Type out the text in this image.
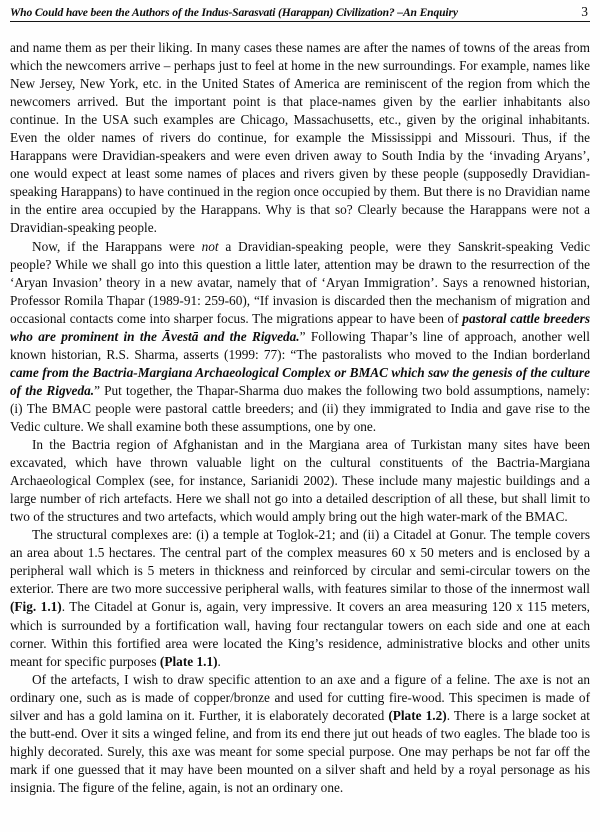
Who Could have been the Authors of the Indus-Sarasvati (Harappan) Civilization? –An Enquiry	3

and name them as per their liking. In many cases these names are after the names of towns of the areas from which the newcomers arrive – perhaps just to feel at home in the new surroundings. For example, names like New Jersey, New York, etc. in the United States of America are reminiscent of the region from which the newcomers arrived. But the important point is that place-names given by the earlier inhabitants also continue. In the USA such examples are Chicago, Massachusetts, etc., given by the original inhabitants. Even the older names of rivers do continue, for example the Mississippi and Missouri. Thus, if the Harappans were Dravidian-speakers and were even driven away to South India by the ‘invading Aryans’, one would expect at least some names of places and rivers given by these people (supposedly Dravidian-speaking Harappans) to have continued in the region once occupied by them. But there is no Dravidian name in the entire area occupied by the Harappans. Why is that so? Clearly because the Harappans were not a Dravidian-speaking people.

Now, if the Harappans were not a Dravidian-speaking people, were they Sanskrit-speaking Vedic people? While we shall go into this question a little later, attention may be drawn to the resurrection of the ‘Aryan Invasion’ theory in a new avatar, namely that of ‘Aryan Immigration’. Says a renowned historian, Professor Romila Thapar (1989-91: 259-60), “If invasion is discarded then the mechanism of migration and occasional contacts come into sharper focus. The migrations appear to have been of pastoral cattle breeders who are prominent in the Āvestā and the Rigveda.” Following Thapar’s line of approach, another well known historian, R.S. Sharma, asserts (1999: 77): “The pastoralists who moved to the Indian borderland came from the Bactria-Margiana Archaeological Complex or BMAC which saw the genesis of the culture of the Rigveda.” Put together, the Thapar-Sharma duo makes the following two bold assumptions, namely: (i) The BMAC people were pastoral cattle breeders; and (ii) they immigrated to India and gave rise to the Vedic culture. We shall examine both these assumptions, one by one.

In the Bactria region of Afghanistan and in the Margiana area of Turkistan many sites have been excavated, which have thrown valuable light on the cultural constituents of the Bactria-Margiana Archaeological Complex (see, for instance, Sarianidi 2002). These include many majestic buildings and a large number of rich artefacts. Here we shall not go into a detailed description of all these, but shall limit to two of the structures and two artefacts, which would amply bring out the high water-mark of the BMAC.

The structural complexes are: (i) a temple at Toglok-21; and (ii) a Citadel at Gonur. The temple covers an area about 1.5 hectares. The central part of the complex measures 60 x 50 meters and is enclosed by a peripheral wall which is 5 meters in thickness and reinforced by circular and semi-circular towers on the exterior. There are two more successive peripheral walls, with features similar to those of the innermost wall (Fig. 1.1). The Citadel at Gonur is, again, very impressive. It covers an area measuring 120 x 115 meters, which is surrounded by a fortification wall, having four rectangular towers on each side and one at each corner. Within this fortified area were located the King’s residence, administrative blocks and other units meant for specific purposes (Plate 1.1).

Of the artefacts, I wish to draw specific attention to an axe and a figure of a feline. The axe is not an ordinary one, such as is made of copper/bronze and used for cutting fire-wood. This specimen is made of silver and has a gold lamina on it. Further, it is elaborately decorated (Plate 1.2). There is a large socket at the butt-end. Over it sits a winged feline, and from its end there jut out heads of two eagles. The blade too is highly decorated. Surely, this axe was meant for some special purpose. One may perhaps be not far off the mark if one guessed that it may have been mounted on a silver shaft and held by a royal personage as his insignia. The figure of the feline, again, is not an ordinary one.
